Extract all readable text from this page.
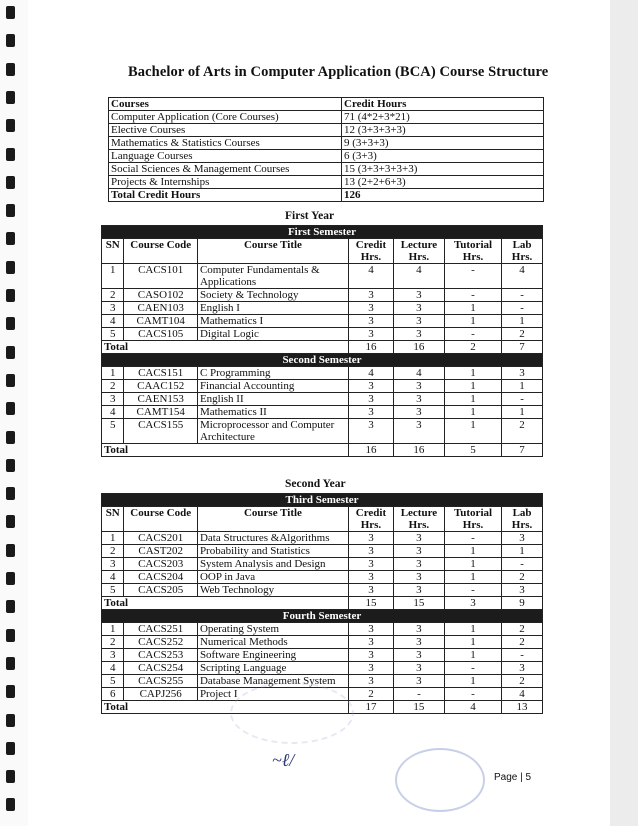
Bachelor of Arts in Computer Application (BCA) Course Structure
Courses	Credit Hours
Computer Application (Core Courses)	71 (4*2+3*21)
Elective Courses	12 (3+3+3+3)
Mathematics & Statistics Courses	9 (3+3+3)
Language Courses	6 (3+3)
Social Sciences & Management Courses	15 (3+3+3+3+3)
Projects & Internships	13 (2+2+6+3)
Total Credit Hours	126
First Year
First Semester						
SN	Course Code	Course Title	Credit Hrs.	Lecture Hrs.	Tutorial Hrs.	Lab Hrs.
1	CACS101	Computer Fundamentals & Applications	4	4	-	4
2	CASO102	Society & Technology	3	3	-	-
3	CAEN103	English I	3	3	1	-
4	CAMT104	Mathematics I	3	3	1	1
5	CACS105	Digital Logic	3	3	-	2
Total			16	16	2	7
Second Semester						
1	CACS151	C Programming	4	4	1	3
2	CAAC152	Financial Accounting	3	3	1	1
3	CAEN153	English II	3	3	1	-
4	CAMT154	Mathematics II	3	3	1	1
5	CACS155	Microprocessor and Computer Architecture	3	3	1	2
Total			16	16	5	7
Second Year
Third Semester						
SN	Course Code	Course Title	Credit Hrs.	Lecture Hrs.	Tutorial Hrs.	Lab Hrs.
1	CACS201	Data Structures &Algorithms	3	3	-	3
2	CAST202	Probability and Statistics	3	3	1	1
3	CACS203	System Analysis and Design	3	3	1	-
4	CACS204	OOP in Java	3	3	1	2
5	CACS205	Web Technology	3	3	-	3
Total			15	15	3	9
Fourth Semester						
1	CACS251	Operating System	3	3	1	2
2	CACS252	Numerical Methods	3	3	1	2
3	CACS253	Software Engineering	3	3	1	-
4	CACS254	Scripting Language	3	3	-	3
5	CACS255	Database Management System	3	3	1	2
6	CAPJ256	Project I	2	-	-	4
Total			17	15	4	13
~ℓ/
Page | 5
